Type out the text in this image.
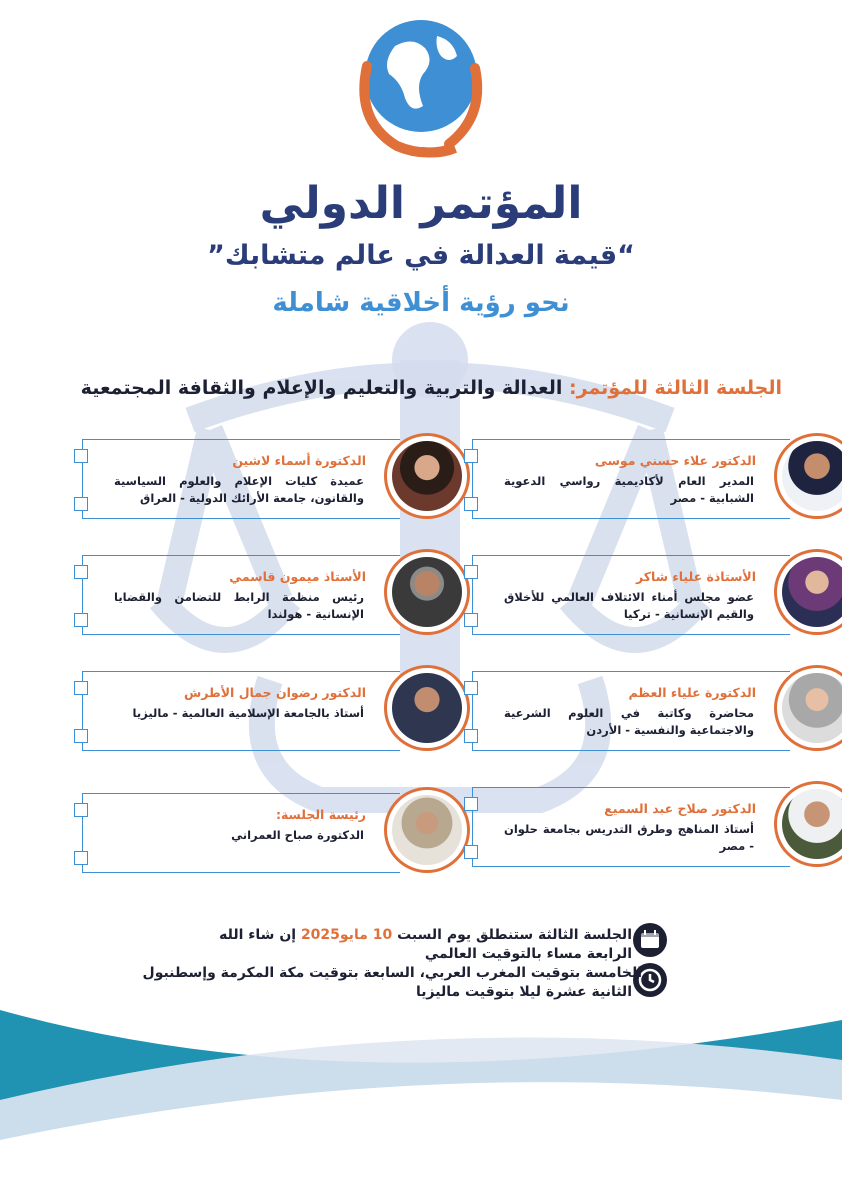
المؤتمر الدولي
“قيمة العدالة في عالم متشابك”
نحو رؤية أخلاقية شاملة
الجلسة الثالثة للمؤتمر: العدالة والتربية والتعليم والإعلام والثقافة المجتمعية
الدكتورة أسماء لاشين
عميدة كليات الإعلام والعلوم السياسية والقانون، جامعة الأرائك الدولية - العراق
الأستاذ ميمون قاسمي
رئيس منظمة الرابط للتضامن والقضايا الإنسانية - هولندا
الدكتور رضوان جمال الأطرش
أستاذ بالجامعة الإسلامية العالمية - ماليزيا
رئيسة الجلسة:
الدكتورة صباح العمراني
الدكتور علاء حسني موسى
المدير العام لأكاديمية رواسي الدعوية الشبابية - مصر
الأستاذة علياء شاكر
عضو مجلس أمناء الائتلاف العالمي للأخلاق والقيم الإنسانية - تركيا
الدكتورة علياء العظم
محاضرة وكاتبة في العلوم الشرعية والاجتماعية والنفسية - الأردن
الدكتور صلاح عبد السميع
أستاذ المناهج وطرق التدريس بجامعة حلوان - مصر
الجلسة الثالثة ستنطلق يوم السبت 10 مايو2025 إن شاء الله
الرابعة مساء بالتوقيت العالمي
الخامسة بتوقيت المغرب العربي، السابعة بتوقيت مكة المكرمة وإسطنبول
الثانية عشرة ليلا بتوقيت ماليزيا
